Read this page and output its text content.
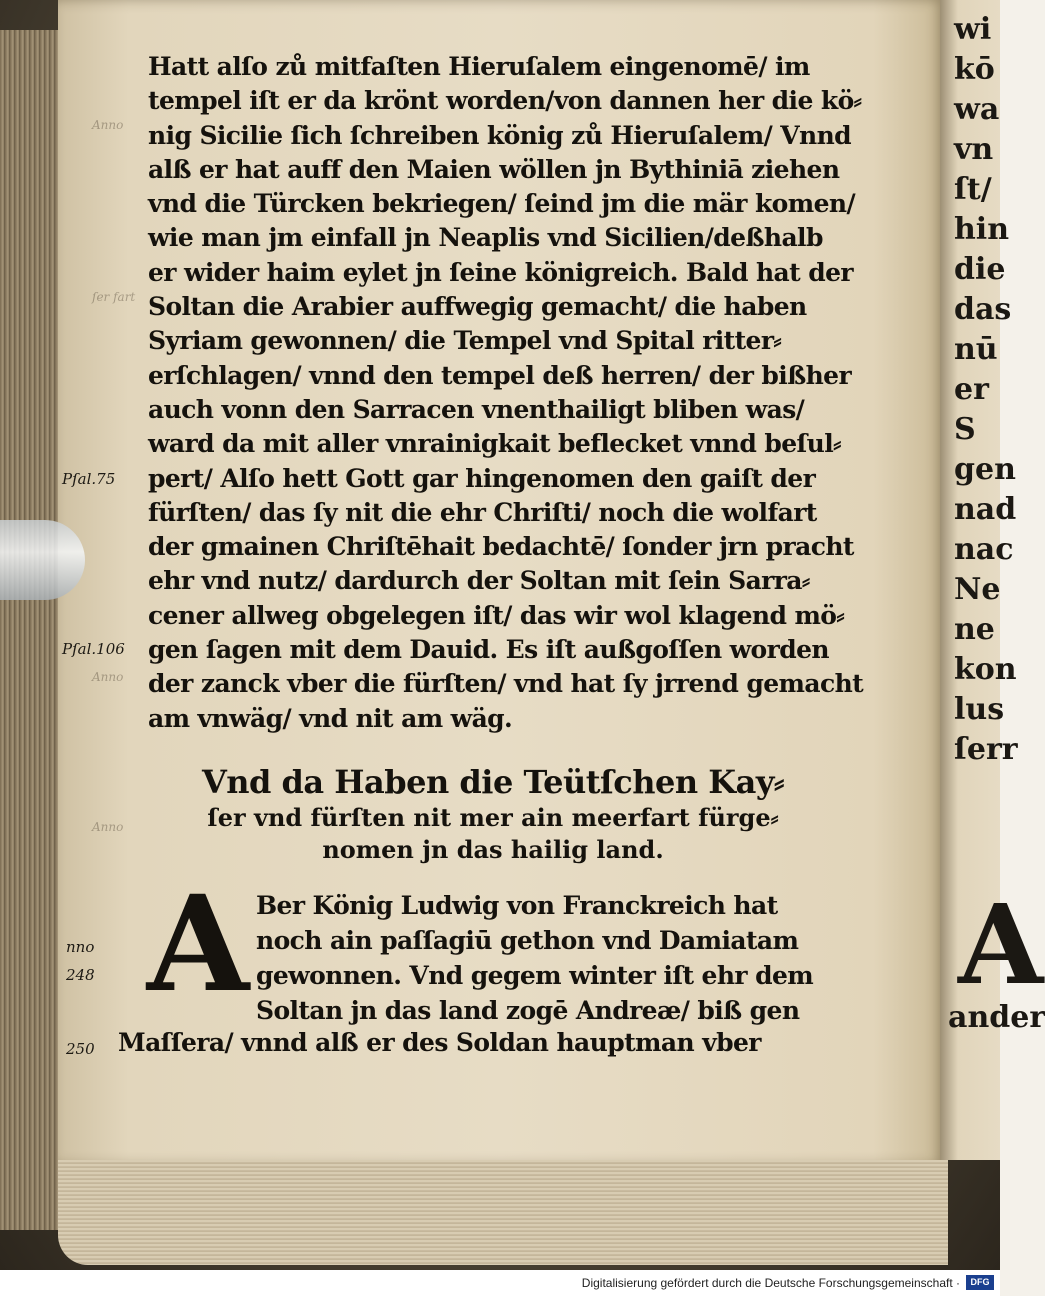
wi
kō
wa
vn
ſt/
hin
die
das
nū
er
S
gen
nad
nac
Ne
ne
kon
lus
ſerr
A
ander
Anno
ſer fart
Anno
Anno
Pſal.75
Pſal.106
nno
248
250
Hatt alſo zů mitfaſten Hieruſalem eingenomē/ im
tempel iſt er da krönt worden/von dannen her die kö⸗
nig Sicilie ſich ſchreiben könig zů Hieruſalem/ Vnnd
alß er hat auff den Maien wöllen jn Bythiniā ziehen
vnd die Türcken bekriegen/ ſeind jm die mär komen/
wie man jm einfall jn Neaplis vnd Sicilien/deßhalb
er wider haim eylet jn ſeine königreich. Bald hat der
Soltan die Arabier auffwegig gemacht/ die haben
Syriam gewonnen/ die Tempel vnd Spital ritter⸗
erſchlagen/ vnnd den tempel deß herren/ der bißher
auch vonn den Sarracen vnenthailigt bliben was/
ward da mit aller vnrainigkait beflecket vnnd beſul⸗
pert/ Alſo hett Gott gar hingenomen den gaiſt der
fürſten/ das ſy nit die ehr Chriſti/ noch die wolfart
der gmainen Chriſtēhait bedachtē/ ſonder jrn pracht
ehr vnd nutz/ dardurch der Soltan mit ſein Sarra⸗
cener allweg obgelegen iſt/ das wir wol klagend mö⸗
gen ſagen mit dem Dauid. Es iſt außgoſſen worden
der zanck vber die fürſten/ vnd hat ſy jrrend gemacht
am vnwäg/ vnd nit am wäg.
Vnd da Haben die Teütſchen Kay⸗
ſer vnd fürſten nit mer ain meerfart fürge⸗
nomen jn das hailig land.
A Ber König Ludwig von Franckreich hat
noch ain paſſagiū gethon vnd Damiatam
gewonnen. Vnd gegem winter iſt ehr dem
Soltan jn das land zogē Andreæ/ biß gen
Maſſera/ vnnd alß er des Soldan hauptman vber
Digitalisierung gefördert durch die Deutsche Forschungsgemeinschaft ·	DFG
